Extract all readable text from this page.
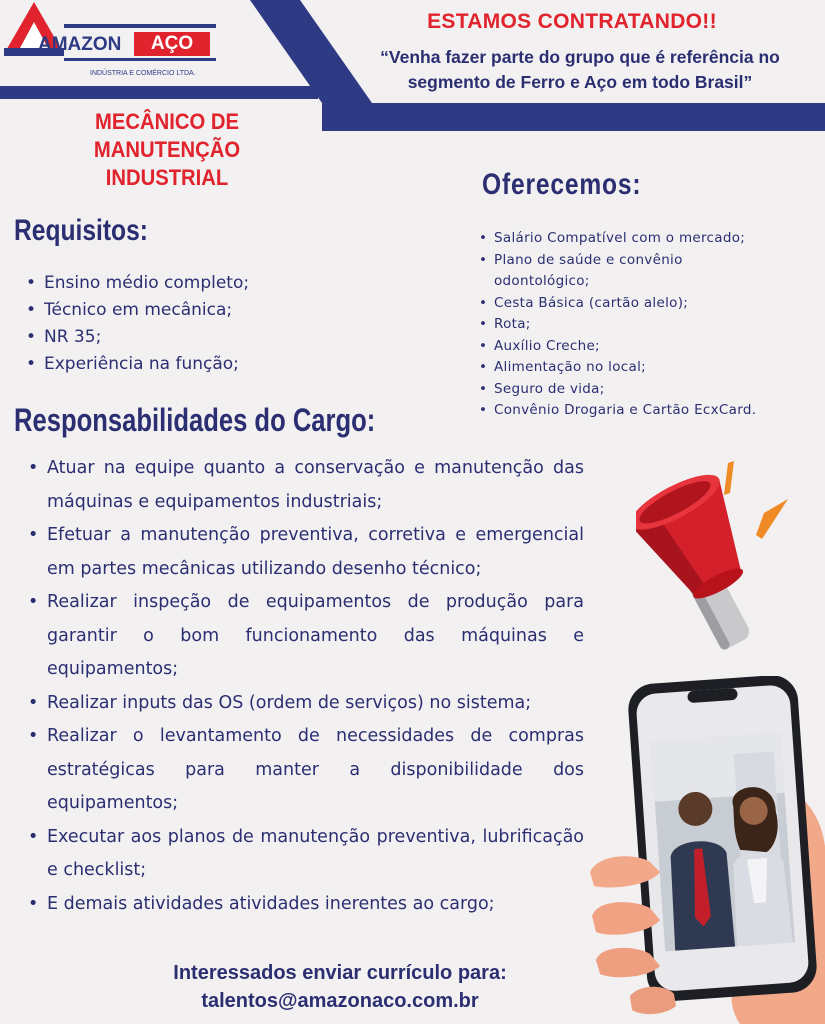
AMAZON	AÇO
INDÚSTRIA E COMÉRCIO LTDA.
ESTAMOS CONTRATANDO!!
“Venha fazer parte do grupo que é referência no segmento de Ferro e Aço em todo Brasil”
MECÂNICO DE MANUTENÇÃO
INDUSTRIAL
Requisitos:
• Ensino médio completo;
• Técnico em mecânica;
• NR 35;
• Experiência na função;
Oferecemos:
• Salário Compatível com o mercado;
• Plano de saúde e convênio odontológico;
• Cesta Básica (cartão alelo);
• Rota;
• Auxílio Creche;
• Alimentação no local;
• Seguro de vida;
• Convênio Drogaria e Cartão EcxCard.
Responsabilidades do Cargo:
• Atuar na equipe quanto a conservação e manutenção das máquinas e equipamentos industriais;
• Efetuar a manutenção preventiva, corretiva e emergencial em partes mecânicas utilizando desenho técnico;
• Realizar inspeção de equipamentos de produção para garantir o bom funcionamento das máquinas e equipamentos;
• Realizar inputs das OS (ordem de serviços) no sistema;
• Realizar o levantamento de necessidades de compras estratégicas para manter a disponibilidade dos equipamentos;
• Executar aos planos de manutenção preventiva, lubrificação e checklist;
• E demais atividades atividades inerentes ao cargo;
Interessados enviar currículo para:
talentos@amazonaco.com.br
